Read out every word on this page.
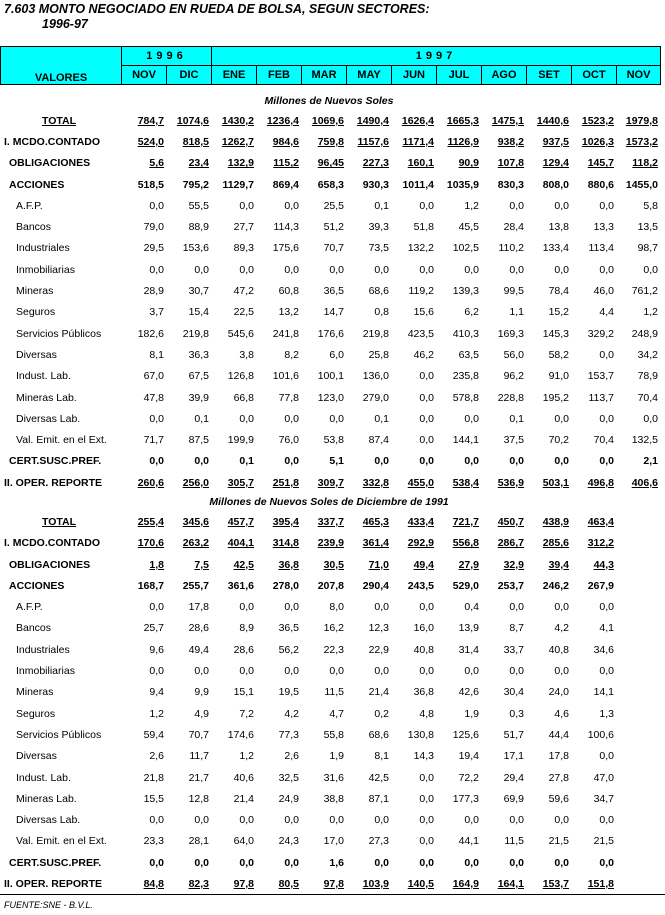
7.603 MONTO NEGOCIADO EN RUEDA DE BOLSA, SEGUN SECTORES:
1996-97
VALORES	1996		1997									
	NOV	DIC	ENE	FEB	MAR	MAY	JUN	JUL	AGO	SET	OCT	NOV
Millones de Nuevos Soles												
TOTAL	784,7	1074,6	1430,2	1236,4	1069,6	1490,4	1626,4	1665,3	1475,1	1440,6	1523,2	1979,8
I. MCDO.CONTADO	524,0	818,5	1262,7	984,6	759,8	1157,6	1171,4	1126,9	938,2	937,5	1026,3	1573,2
OBLIGACIONES	5,6	23,4	132,9	115,2	96,45	227,3	160,1	90,9	107,8	129,4	145,7	118,2
ACCIONES	518,5	795,2	1129,7	869,4	658,3	930,3	1011,4	1035,9	830,3	808,0	880,6	1455,0
A.F.P.	0,0	55,5	0,0	0,0	25,5	0,1	0,0	1,2	0,0	0,0	0,0	5,8
Bancos	79,0	88,9	27,7	114,3	51,2	39,3	51,8	45,5	28,4	13,8	13,3	13,5
Industriales	29,5	153,6	89,3	175,6	70,7	73,5	132,2	102,5	110,2	133,4	113,4	98,7
Inmobiliarias	0,0	0,0	0,0	0,0	0,0	0,0	0,0	0,0	0,0	0,0	0,0	0,0
Mineras	28,9	30,7	47,2	60,8	36,5	68,6	119,2	139,3	99,5	78,4	46,0	761,2
Seguros	3,7	15,4	22,5	13,2	14,7	0,8	15,6	6,2	1,1	15,2	4,4	1,2
Servicios Públicos	182,6	219,8	545,6	241,8	176,6	219,8	423,5	410,3	169,3	145,3	329,2	248,9
Diversas	8,1	36,3	3,8	8,2	6,0	25,8	46,2	63,5	56,0	58,2	0,0	34,2
Indust. Lab.	67,0	67,5	126,8	101,6	100,1	136,0	0,0	235,8	96,2	91,0	153,7	78,9
Mineras Lab.	47,8	39,9	66,8	77,8	123,0	279,0	0,0	578,8	228,8	195,2	113,7	70,4
Diversas Lab.	0,0	0,1	0,0	0,0	0,0	0,1	0,0	0,0	0,1	0,0	0,0	0,0
Val. Emit. en el Ext.	71,7	87,5	199,9	76,0	53,8	87,4	0,0	144,1	37,5	70,2	70,4	132,5
CERT.SUSC.PREF.	0,0	0,0	0,1	0,0	5,1	0,0	0,0	0,0	0,0	0,0	0,0	2,1
II. OPER. REPORTE	260,6	256,0	305,7	251,8	309,7	332,8	455,0	538,4	536,9	503,1	496,8	406,6
Millones de Nuevos Soles de Diciembre de 1991												
TOTAL	255,4	345,6	457,7	395,4	337,7	465,3	433,4	721,7	450,7	438,9	463,4	
I. MCDO.CONTADO	170,6	263,2	404,1	314,8	239,9	361,4	292,9	556,8	286,7	285,6	312,2	
OBLIGACIONES	1,8	7,5	42,5	36,8	30,5	71,0	49,4	27,9	32,9	39,4	44,3	
ACCIONES	168,7	255,7	361,6	278,0	207,8	290,4	243,5	529,0	253,7	246,2	267,9	
A.F.P.	0,0	17,8	0,0	0,0	8,0	0,0	0,0	0,4	0,0	0,0	0,0	
Bancos	25,7	28,6	8,9	36,5	16,2	12,3	16,0	13,9	8,7	4,2	4,1	
Industriales	9,6	49,4	28,6	56,2	22,3	22,9	40,8	31,4	33,7	40,8	34,6	
Inmobiliarias	0,0	0,0	0,0	0,0	0,0	0,0	0,0	0,0	0,0	0,0	0,0	
Mineras	9,4	9,9	15,1	19,5	11,5	21,4	36,8	42,6	30,4	24,0	14,1	
Seguros	1,2	4,9	7,2	4,2	4,7	0,2	4,8	1,9	0,3	4,6	1,3	
Servicios Públicos	59,4	70,7	174,6	77,3	55,8	68,6	130,8	125,6	51,7	44,4	100,6	
Diversas	2,6	11,7	1,2	2,6	1,9	8,1	14,3	19,4	17,1	17,8	0,0	
Indust. Lab.	21,8	21,7	40,6	32,5	31,6	42,5	0,0	72,2	29,4	27,8	47,0	
Mineras Lab.	15,5	12,8	21,4	24,9	38,8	87,1	0,0	177,3	69,9	59,6	34,7	
Diversas Lab.	0,0	0,0	0,0	0,0	0,0	0,0	0,0	0,0	0,0	0,0	0,0	
Val. Emit. en el Ext.	23,3	28,1	64,0	24,3	17,0	27,3	0,0	44,1	11,5	21,5	21,5	
CERT.SUSC.PREF.	0,0	0,0	0,0	0,0	1,6	0,0	0,0	0,0	0,0	0,0	0,0	
II. OPER. REPORTE	84,8	82,3	97,8	80,5	97,8	103,9	140,5	164,9	164,1	153,7	151,8	
FUENTE:SNE - B.V.L.
